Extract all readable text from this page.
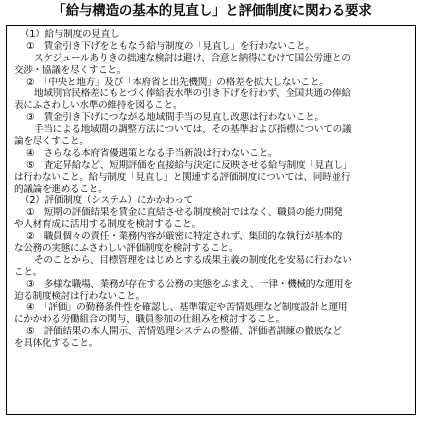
「給与構造の基本的見直し」と評価制度に関わる要求
（1）給与制度の見直し
①　賃金引き下げをともなう給与制度の「見直し」を行わないこと。
スケジュールありきの拙速な検討は避け、合意と納得にむけて国公労連との
交渉・協議を尽くすこと。
②　「中央と地方」及び「本府省と出先機関」の格差を拡大しないこと。
地域別官民格差にもとづく俸給表水準の引き下げを行わず、全国共通の俸給
表にふさわしい水準の維持を図ること。
③　賃金引き下げにつながる地域間手当の見直し改悪は行わないこと。
手当による地域間の調整方法については、その基準および指標についての議
論を尽くすこと。
④　さらなる本府省優遇策となる手当新設は行わないこと。
⑤　査定昇給など、短期評価を直接給与決定に反映させる給与制度「見直し」
は行わないこと。給与制度「見直し」と関連する評価制度については、同時並行
的議論を進めること。
（2）評価制度（システム）にかかわって
①　短期の評価結果を賃金に直結させる制度検討ではなく、職員の能力開発
や人材育成に活用する制度を検討すること。
②　職員個々の責任・業務内容が厳密に特定されず、集団的な執行が基本的
な公務の実態にふさわしい評価制度を検討すること。
そのことから、目標管理をはじめとする成果主義の制度化を安易に行わない
こと。
③　多様な職場、業務が存在する公務の実態をふまえ、一律・機械的な運用を
迫る制度検討は行わないこと。
④　「評価」の勤務条件性を確認し、基準策定や苦情処理など制度設計と運用
にかかわる労働組合の関与、職員参加の仕組みを検討すること。
⑤　評価結果の本人開示、苦情処理システムの整備、評価者訓練の徹底など
を具体化すること。
